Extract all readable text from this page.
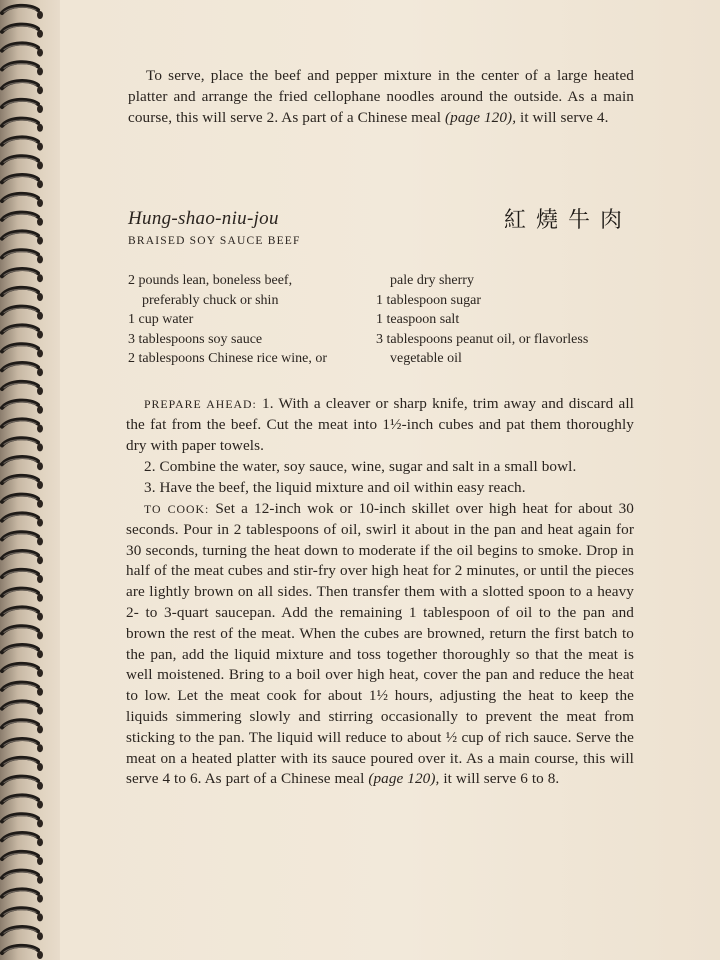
To serve, place the beef and pepper mixture in the center of a large heated platter and arrange the fried cellophane noodles around the outside. As a main course, this will serve 2. As part of a Chinese meal (page 120), it will serve 4.

Hung-shao-niu-jou
BRAISED SOY SAUCE BEEF
紅燒牛肉
2 pounds lean, boneless beef,
preferably chuck or shin
1 cup water
3 tablespoons soy sauce
2 tablespoons Chinese rice wine, or
pale dry sherry
1 tablespoon sugar
1 teaspoon salt
3 tablespoons peanut oil, or flavorless
vegetable oil

PREPARE AHEAD: 1. With a cleaver or sharp knife, trim away and discard all the fat from the beef. Cut the meat into 1½-inch cubes and pat them thoroughly dry with paper towels.

2. Combine the water, soy sauce, wine, sugar and salt in a small bowl.

3. Have the beef, the liquid mixture and oil within easy reach.

TO COOK: Set a 12-inch wok or 10-inch skillet over high heat for about 30 seconds. Pour in 2 tablespoons of oil, swirl it about in the pan and heat again for 30 seconds, turning the heat down to moderate if the oil begins to smoke. Drop in half of the meat cubes and stir-fry over high heat for 2 minutes, or until the pieces are lightly brown on all sides. Then transfer them with a slotted spoon to a heavy 2- to 3-quart saucepan. Add the remaining 1 tablespoon of oil to the pan and brown the rest of the meat. When the cubes are browned, return the first batch to the pan, add the liquid mixture and toss together thoroughly so that the meat is well moistened. Bring to a boil over high heat, cover the pan and reduce the heat to low. Let the meat cook for about 1½ hours, adjusting the heat to keep the liquids simmering slowly and stirring occasionally to prevent the meat from sticking to the pan. The liquid will reduce to about ½ cup of rich sauce. Serve the meat on a heated platter with its sauce poured over it. As a main course, this will serve 4 to 6. As part of a Chinese meal (page 120), it will serve 6 to 8.
